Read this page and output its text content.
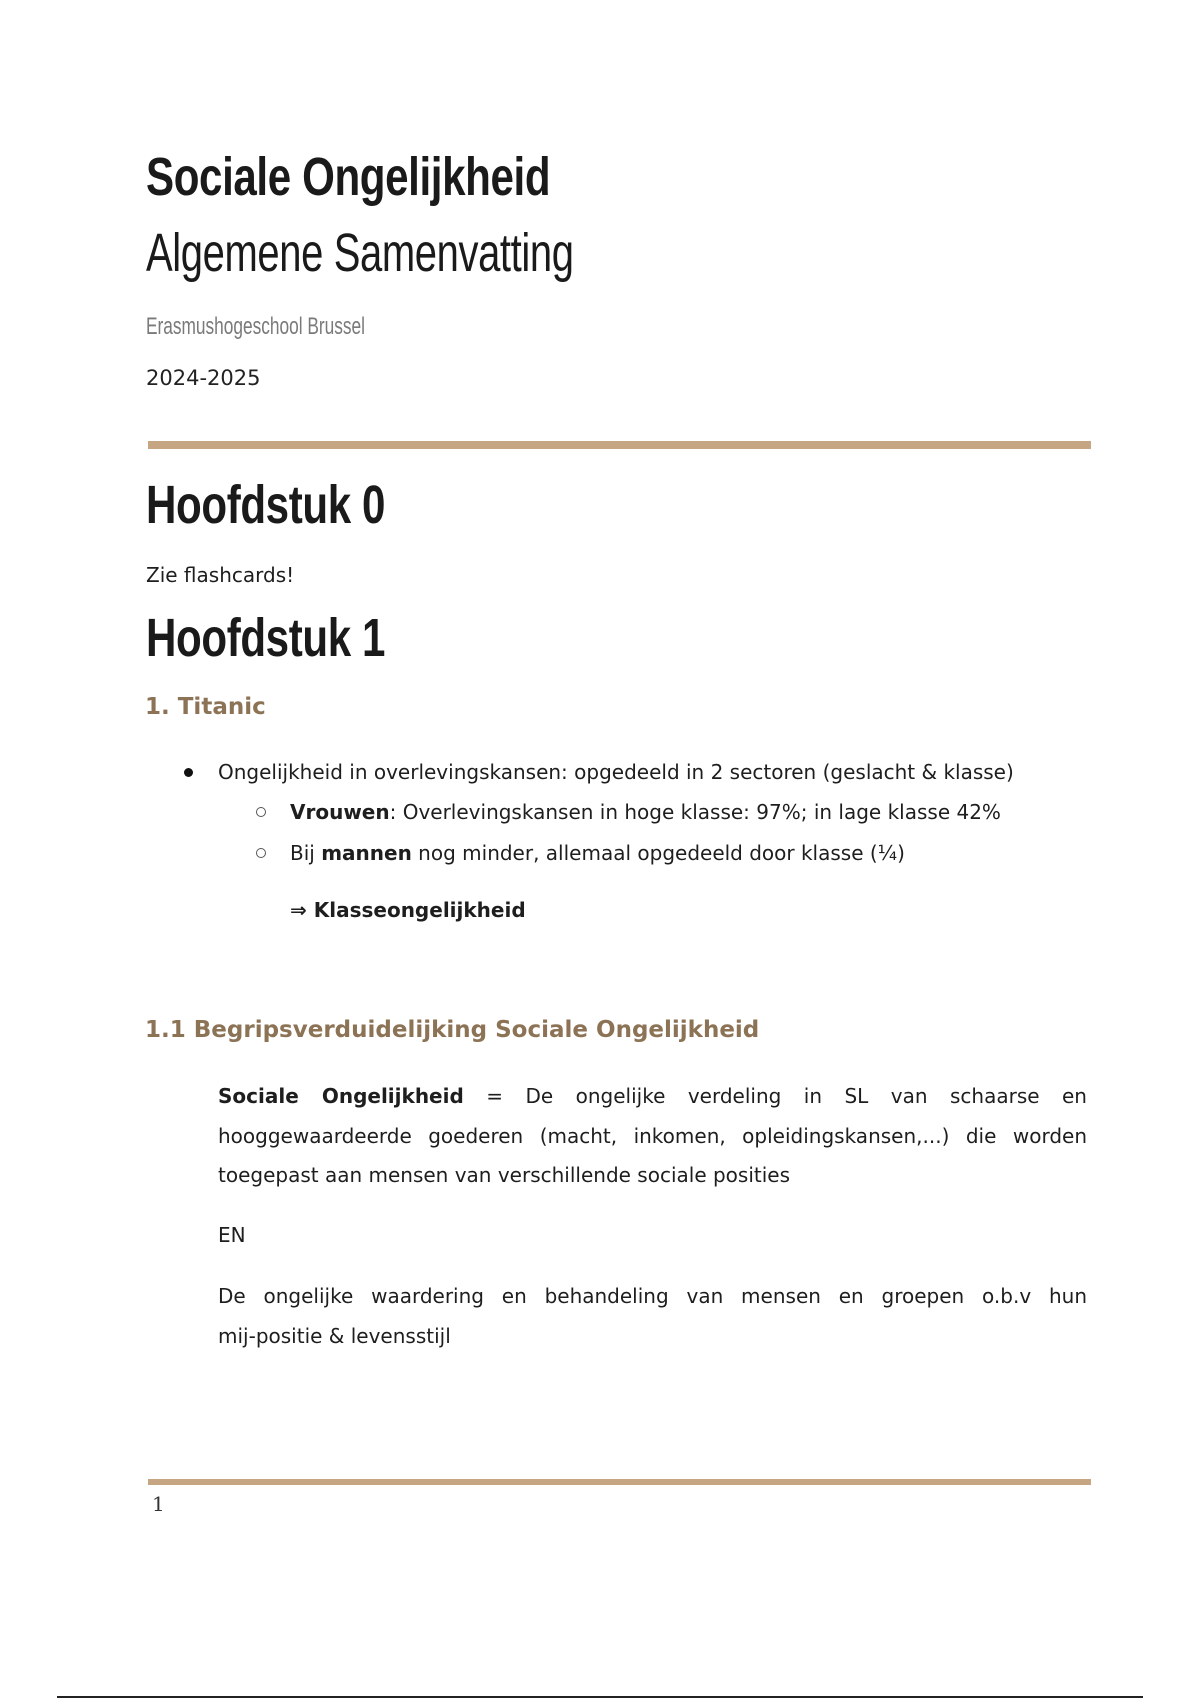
Sociale Ongelijkheid
Algemene Samenvatting
Erasmushogeschool Brussel
2024-2025
Hoofdstuk 0
Zie flashcards!
Hoofdstuk 1
1. Titanic
Ongelijkheid in overlevingskansen: opgedeeld in 2 sectoren (geslacht & klasse)
Vrouwen: Overlevingskansen in hoge klasse: 97%; in lage klasse 42%
Bij mannen nog minder, allemaal opgedeeld door klasse (¼)
⇒ Klasseongelijkheid
1.1 Begripsverduidelijking Sociale Ongelijkheid
Sociale Ongelijkheid = De ongelijke verdeling in SL van schaarse en
hooggewaardeerde goederen (macht, inkomen, opleidingskansen,...) die worden
toegepast aan mensen van verschillende sociale posities
EN
De ongelijke waardering en behandeling van mensen en groepen o.b.v hun
mij-positie & levensstijl
1
